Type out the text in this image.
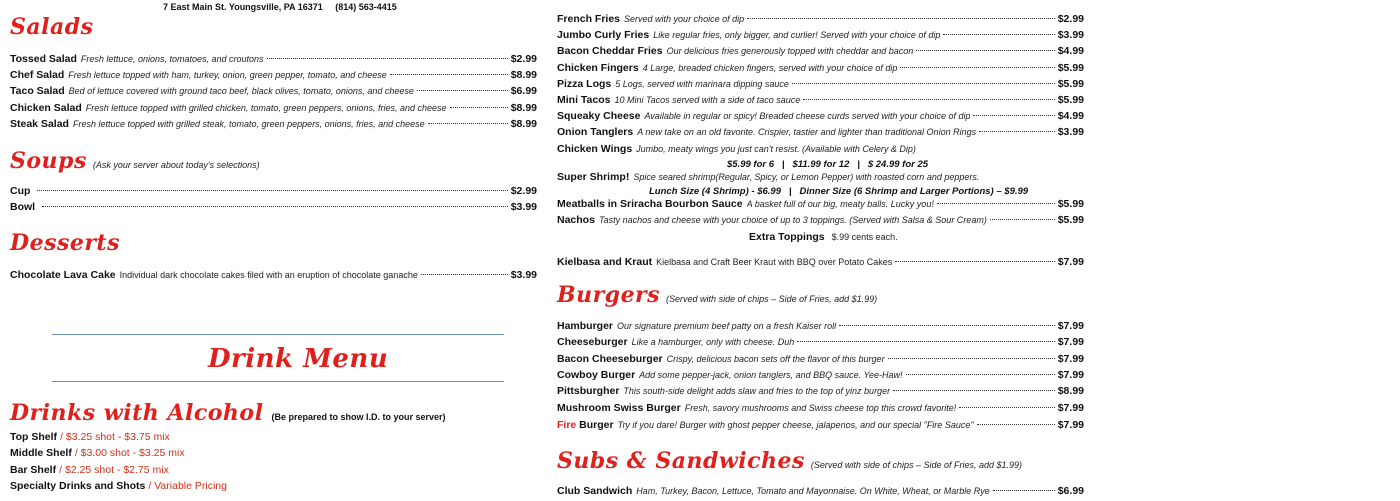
7 East Main St. Youngsville, PA 16371 (814) 563-4415
Salads
Tossed Salad Fresh lettuce, onions, tomatoes, and croutons	$2.99
Chef Salad Fresh lettuce topped with ham, turkey, onion, green pepper, tomato, and cheese	$8.99
Taco Salad Bed of lettuce covered with ground taco beef, black olives, tomato, onions, and cheese	$6.99
Chicken Salad Fresh lettuce topped with grilled chicken, tomato, green peppers, onions, fries, and cheese	$8.99
Steak Salad Fresh lettuce topped with grilled steak, tomato, green peppers, onions, fries, and cheese	$8.99
Soups (Ask your server about today's selections)
Cup	$2.99
Bowl	$3.99
Desserts
Chocolate Lava Cake Individual dark chocolate cakes filed with an eruption of chocolate ganache	$3.99
Drink Menu
Drinks with Alcohol (Be prepared to show I.D. to your server)
Top Shelf / $3.25 shot - $3.75 mix
Middle Shelf / $3.00 shot - $3.25 mix
Bar Shelf / $2.25 shot - $2.75 mix
Specialty Drinks and Shots / Variable Pricing
French Fries Served with your choice of dip	$2.99
Jumbo Curly Fries Like regular fries, only bigger, and curlier! Served with your choice of dip	$3.99
Bacon Cheddar Fries Our delicious fries generously topped with cheddar and bacon	$4.99
Chicken Fingers 4 Large, breaded chicken fingers, served with your choice of dip	$5.99
Pizza Logs 5 Logs, served with marinara dipping sauce	$5.99
Mini Tacos 10 Mini Tacos served with a side of taco sauce	$5.99
Squeaky Cheese Available in regular or spicy! Breaded cheese curds served with your choice of dip	$4.99
Onion Tanglers A new take on an old favorite. Crispier, tastier and lighter than traditional Onion Rings	$3.99
Chicken Wings Jumbo, meaty wings you just can't resist. (Available with Celery & Dip)
$5.99 for 6   |   $11.99 for 12   |   $ 24.99 for 25
Super Shrimp! Spice seared shrimp(Regular, Spicy, or Lemon Pepper) with roasted corn and peppers.
Lunch Size (4 Shrimp) - $6.99   |   Dinner Size (6 Shrimp and Larger Portions) – $9.99
Meatballs in Sriracha Bourbon Sauce A basket full of our big, meaty balls. Lucky you!	$5.99
Nachos Tasty nachos and cheese with your choice of up to 3 toppings. (Served with Salsa & Sour Cream)	$5.99
Extra Toppings $.99 cents each.
Kielbasa and Kraut Kielbasa and Craft Beer Kraut with BBQ over Potato Cakes	$7.99
Burgers (Served with side of chips – Side of Fries, add $1.99)
Hamburger Our signature premium beef patty on a fresh Kaiser roll	$7.99
Cheeseburger Like a hamburger, only with cheese. Duh	$7.99
Bacon Cheeseburger Crispy, delicious bacon sets off the flavor of this burger	$7.99
Cowboy Burger Add some pepper-jack, onion tanglers, and BBQ sauce. Yee-Haw!	$7.99
Pittsburgher This south-side delight adds slaw and fries to the top of yinz burger	$8.99
Mushroom Swiss Burger Fresh, savory mushrooms and Swiss cheese top this crowd favorite!	$7.99
Fire Burger Try if you dare! Burger with ghost pepper cheese, jalapenos, and our special "Fire Sauce"	$7.99
Subs & Sandwiches (Served with side of chips – Side of Fries, add $1.99)
Club Sandwich Ham, Turkey, Bacon, Lettuce, Tomato and Mayonnaise. On White, Wheat, or Marble Rye	$6.99
